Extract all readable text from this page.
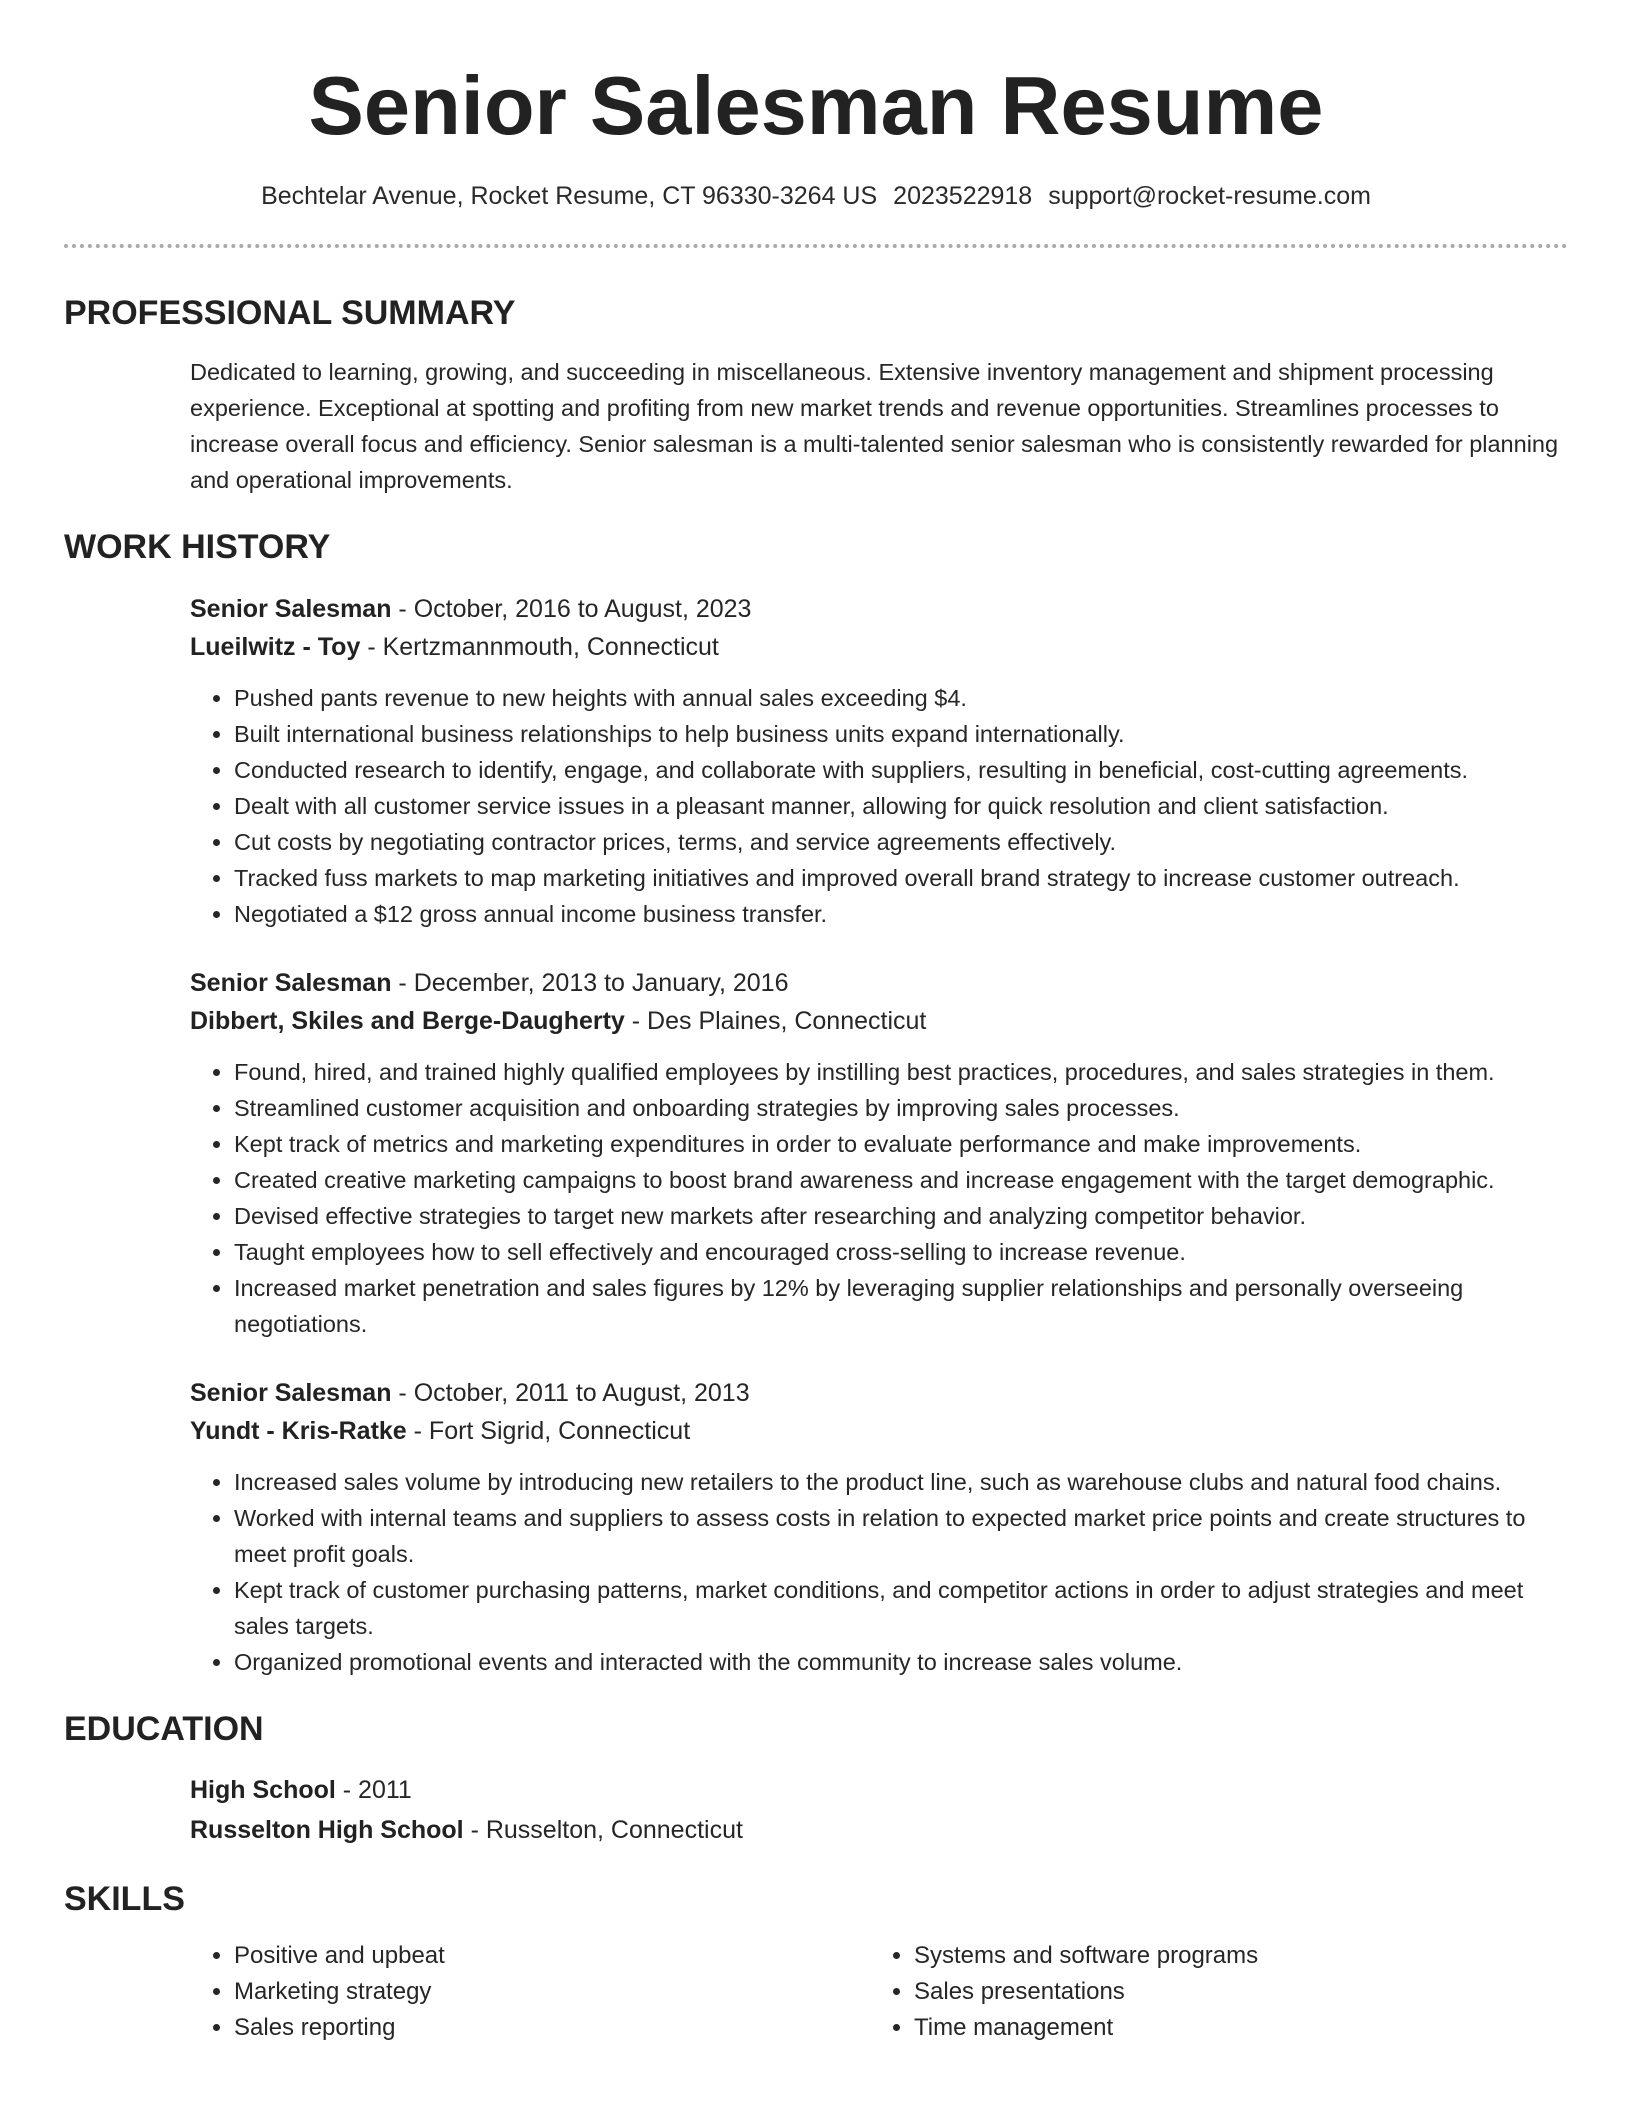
Senior Salesman Resume
Bechtelar Avenue, Rocket Resume, CT 96330-3264 US 2023522918 support@rocket-resume.com
PROFESSIONAL SUMMARY
Dedicated to learning, growing, and succeeding in miscellaneous. Extensive inventory management and shipment processing experience. Exceptional at spotting and profiting from new market trends and revenue opportunities. Streamlines processes to increase overall focus and efficiency. Senior salesman is a multi-talented senior salesman who is consistently rewarded for planning and operational improvements.
WORK HISTORY
Senior Salesman - October, 2016 to August, 2023
Lueilwitz - Toy - Kertzmannmouth, Connecticut
• Pushed pants revenue to new heights with annual sales exceeding $4.
• Built international business relationships to help business units expand internationally.
• Conducted research to identify, engage, and collaborate with suppliers, resulting in beneficial, cost-cutting agreements.
• Dealt with all customer service issues in a pleasant manner, allowing for quick resolution and client satisfaction.
• Cut costs by negotiating contractor prices, terms, and service agreements effectively.
• Tracked fuss markets to map marketing initiatives and improved overall brand strategy to increase customer outreach.
• Negotiated a $12 gross annual income business transfer.
Senior Salesman - December, 2013 to January, 2016
Dibbert, Skiles and Berge-Daugherty - Des Plaines, Connecticut
• Found, hired, and trained highly qualified employees by instilling best practices, procedures, and sales strategies in them.
• Streamlined customer acquisition and onboarding strategies by improving sales processes.
• Kept track of metrics and marketing expenditures in order to evaluate performance and make improvements.
• Created creative marketing campaigns to boost brand awareness and increase engagement with the target demographic.
• Devised effective strategies to target new markets after researching and analyzing competitor behavior.
• Taught employees how to sell effectively and encouraged cross-selling to increase revenue.
• Increased market penetration and sales figures by 12% by leveraging supplier relationships and personally overseeing negotiations.
Senior Salesman - October, 2011 to August, 2013
Yundt - Kris-Ratke - Fort Sigrid, Connecticut
• Increased sales volume by introducing new retailers to the product line, such as warehouse clubs and natural food chains.
• Worked with internal teams and suppliers to assess costs in relation to expected market price points and create structures to meet profit goals.
• Kept track of customer purchasing patterns, market conditions, and competitor actions in order to adjust strategies and meet sales targets.
• Organized promotional events and interacted with the community to increase sales volume.
EDUCATION
High School - 2011
Russelton High School - Russelton, Connecticut
SKILLS
• Positive and upbeat
• Marketing strategy
• Sales reporting
• Systems and software programs
• Sales presentations
• Time management
